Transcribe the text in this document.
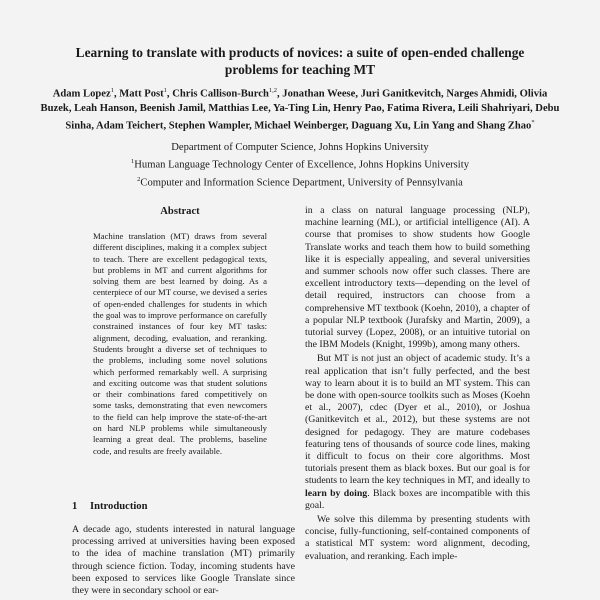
Learning to translate with products of novices: a suite of open-ended challenge problems for teaching MT
Adam Lopez$^1$, Matt Post$^1$, Chris Callison-Burch$^{1,2}$, Jonathan Weese, Juri Ganitkevitch, Narges Ahmidi, Olivia Buzek, Leah Hanson, Beenish Jamil, Matthias Lee, Ya-Ting Lin, Henry Pao, Fatima Rivera, Leili Shahriyari, Debu Sinha, Adam Teichert, Stephen Wampler, Michael Weinberger, Daguang Xu, Lin Yang and Shang Zhao*
Department of Computer Science, Johns Hopkins University
$^1$Human Language Technology Center of Excellence, Johns Hopkins University
$^2$Computer and Information Science Department, University of Pennsylvania
Abstract
Machine translation (MT) draws from several different disciplines, making it a complex subject to teach. There are excellent pedagogical texts, but problems in MT and current algorithms for solving them are best learned by doing. As a centerpiece of our MT course, we devised a series of open-ended challenges for students in which the goal was to improve performance on carefully constrained instances of four key MT tasks: alignment, decoding, evaluation, and reranking. Students brought a diverse set of techniques to the problems, including some novel solutions which performed remarkably well. A surprising and exciting outcome was that student solutions or their combinations fared competitively on some tasks, demonstrating that even newcomers to the field can help improve the state-of-the-art on hard NLP problems while simultaneously learning a great deal. The problems, baseline code, and results are freely available.
1 Introduction

A decade ago, students interested in natural language processing arrived at universities having been exposed to the idea of machine translation (MT) primarily through science fiction. Today, incoming students have been exposed to services like Google Translate since they were in secondary school or ear-

in a class on natural language processing (NLP), machine learning (ML), or artificial intelligence (AI). A course that promises to show students how Google Translate works and teach them how to build something like it is especially appealing, and several universities and summer schools now offer such classes. There are excellent introductory texts—depending on the level of detail required, instructors can choose from a comprehensive MT textbook (Koehn, 2010), a chapter of a popular NLP textbook (Jurafsky and Martin, 2009), a tutorial survey (Lopez, 2008), or an intuitive tutorial on the IBM Models (Knight, 1999b), among many others.

But MT is not just an object of academic study. It’s a real application that isn’t fully perfected, and the best way to learn about it is to build an MT system. This can be done with open-source toolkits such as Moses (Koehn et al., 2007), cdec (Dyer et al., 2010), or Joshua (Ganitkevitch et al., 2012), but these systems are not designed for pedagogy. They are mature codebases featuring tens of thousands of source code lines, making it difficult to focus on their core algorithms. Most tutorials present them as black boxes. But our goal is for students to learn the key techniques in MT, and ideally to learn by doing. Black boxes are incompatible with this goal.

We solve this dilemma by presenting students with concise, fully-functioning, self-contained components of a statistical MT system: word alignment, decoding, evaluation, and reranking. Each imple-
